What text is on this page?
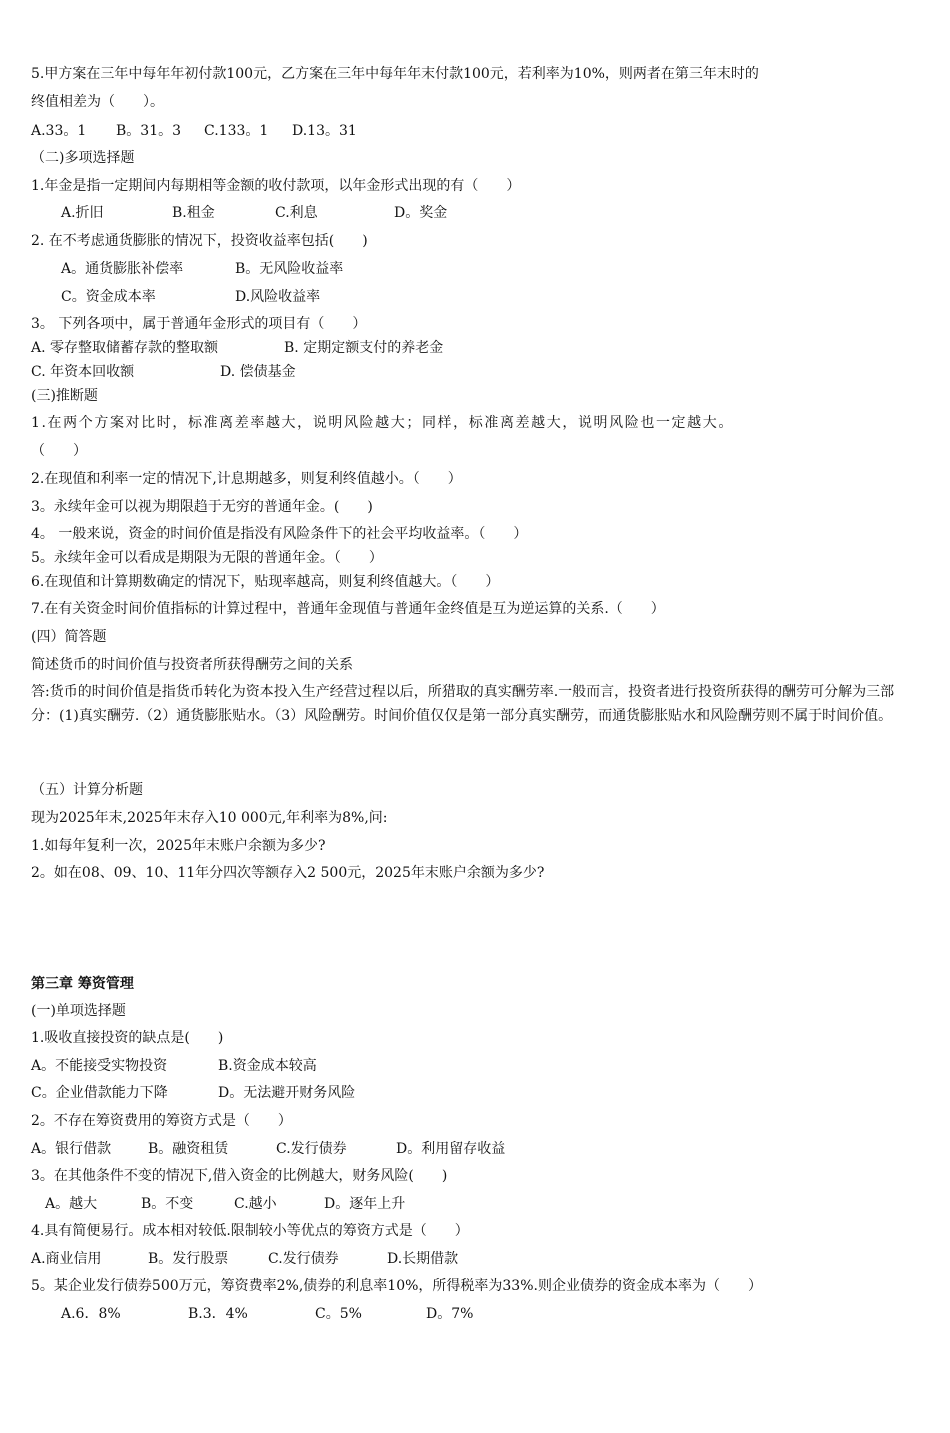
5.甲方案在三年中每年年初付款100元，乙方案在三年中每年年末付款100元，若利率为10%，则两者在第三年末时的
终值相差为（　　）。
A.33。1 B。31。3 C.133。1 D.13。31
（二)多项选择题
1.年金是指一定期间内每期相等金额的收付款项，以年金形式出现的有（　　）
A.折旧	B.租金	C.利息	D。奖金
2. 在不考虑通货膨胀的情况下，投资收益率包括(　　)
A。通货膨胀补偿率	B。无风险收益率
C。资金成本率	D.风险收益率
3。 下列各项中，属于普通年金形式的项目有（　　）
A. 零存整取储蓄存款的整取额	B. 定期定额支付的养老金
C. 年资本回收额	D. 偿债基金
(三)推断题
1.在两个方案对比时，标准离差率越大，说明风险越大；同样，标准离差越大，说明风险也一定越大。
（　　）
2.在现值和利率一定的情况下,计息期越多，则复利终值越小。（　　）
3。永续年金可以视为期限趋于无穷的普通年金。(　　)
4。 一般来说，资金的时间价值是指没有风险条件下的社会平均收益率。（　　）
5。永续年金可以看成是期限为无限的普通年金。（　　）
6.在现值和计算期数确定的情况下，贴现率越高，则复利终值越大。（　　）
7.在有关资金时间价值指标的计算过程中，普通年金现值与普通年金终值是互为逆运算的关系.（　　）
(四）简答题
简述货币的时间价值与投资者所获得酬劳之间的关系
答:货币的时间价值是指货币转化为资本投入生产经营过程以后，所猎取的真实酬劳率.一般而言，投资者进行投资所获得的酬劳可分解为三部分：(1)真实酬劳.（2）通货膨胀贴水。（3）风险酬劳。时间价值仅仅是第一部分真实酬劳，而通货膨胀贴水和风险酬劳则不属于时间价值。
（五）计算分析题
现为2025年末,2025年末存入10 000元,年利率为8%,问:
1.如每年复利一次，2025年末账户余额为多少?
2。如在08、09、10、11年分四次等额存入2 500元，2025年末账户余额为多少?
第三章 筹资管理
(一)单项选择题
1.吸收直接投资的缺点是(　　)
A。不能接受实物投资	B.资金成本较高
C。企业借款能力下降	D。无法避开财务风险
2。不存在筹资费用的筹资方式是（　　）
A。银行借款	B。融资租赁	C.发行债券	D。利用留存收益
3。在其他条件不变的情况下,借入资金的比例越大，财务风险(　　)
A。越大	B。不变	C.越小	D。逐年上升
4.具有简便易行。成本相对较低.限制较小等优点的筹资方式是（　　）
A.商业信用	B。发行股票	C.发行债券	D.长期借款
5。某企业发行债券500万元，筹资费率2%,债券的利息率10%，所得税率为33%.则企业债券的资金成本率为（　　）
A.6．8%	B.3．4%	C。5%	D。7%
